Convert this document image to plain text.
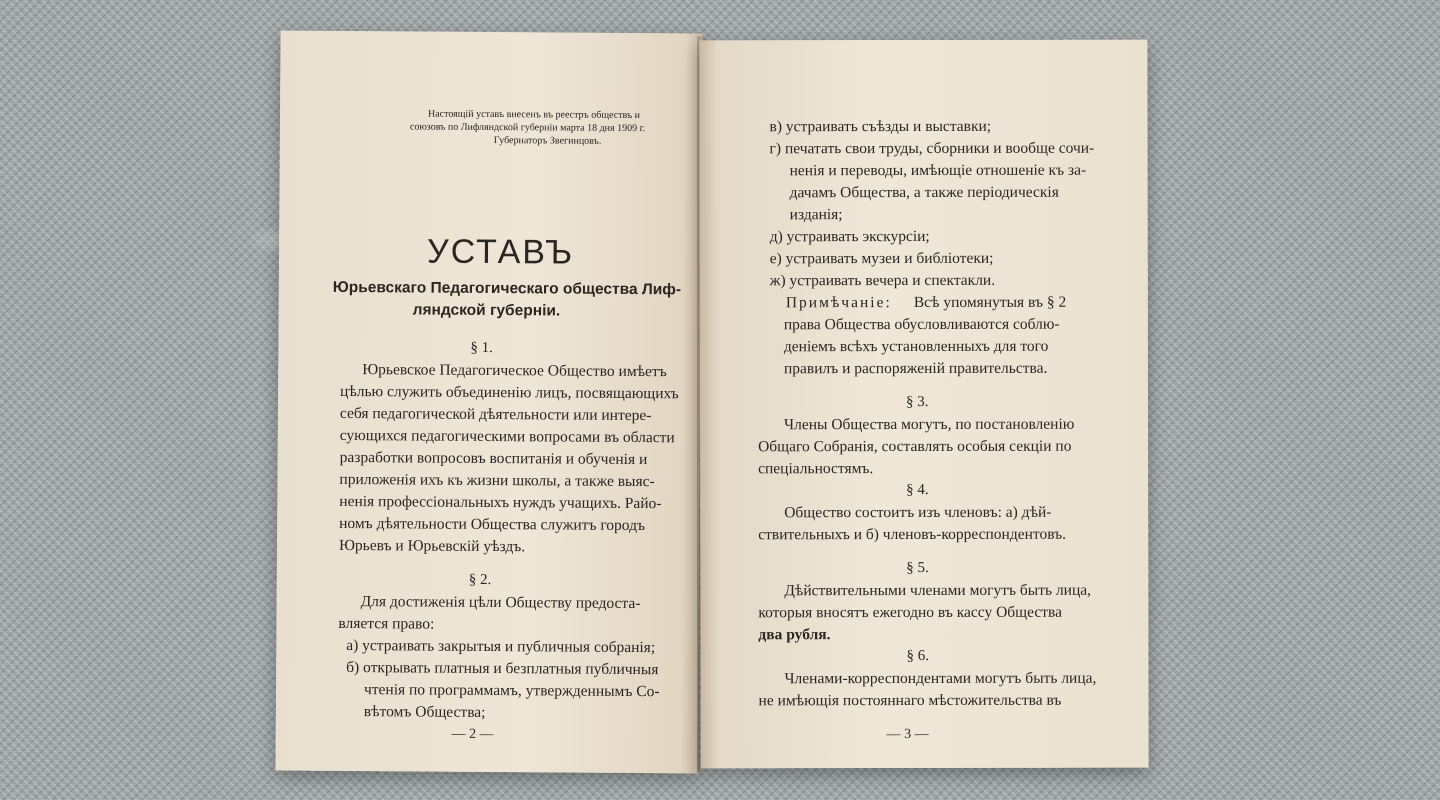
Настоящій уставъ внесенъ въ реестръ обществъ и
союзовъ по Лифляндской губерніи марта 18 дня 1909 г.
Губернаторъ Звегинцовъ.
УСТАВЪ
Юрьевскаго Педагогическаго общества Лиф-
ляндской губерніи.
§ 1.
Юрьевское Педагогическое Общество имѣетъ
цѣлью служить объединенію лицъ, посвящающихъ
себя педагогической дѣятельности или интере-
сующихся педагогическими вопросами въ области
разработки вопросовъ воспитанія и обученія и
приложенія ихъ къ жизни школы, а также выяс-
ненія профессіональныхъ нуждъ учащихъ. Райо-
номъ дѣятельности Общества служитъ городъ
Юрьевъ и Юрьевскій уѣздъ.
§ 2.
Для достиженія цѣли Обществу предоста-
вляется право:
а) устраивать закрытыя и публичныя собранія;
б) открывать платныя и безплатныя публичныя
чтенія по программамъ, утвержденнымъ Со-
вѣтомъ Общества;
— 2 —
в) устраивать съѣзды и выставки;
г) печатать свои труды, сборники и вообще сочи-
ненія и переводы, имѣющіе отношеніе къ за-
дачамъ Общества, а также періодическія
изданія;
д) устраивать экскурсіи;
е) устраивать музеи и библіотеки;
ж) устраивать вечера и спектакли.
Примѣчаніе: Всѣ упомянутыя въ § 2
права Общества обусловливаются соблю-
деніемъ всѣхъ установленныхъ для того
правилъ и распоряженій правительства.
§ 3.
Члены Общества могутъ, по постановленію
Общаго Собранія, составлять особыя секціи по
спеціальностямъ.
§ 4.
Общество состоитъ изъ членовъ: а) дѣй-
ствительныхъ и б) членовъ-корреспондентовъ.
§ 5.
Дѣйствительными членами могутъ быть лица,
которыя вносятъ ежегодно въ кассу Общества
два рубля.
§ 6.
Членами-корреспондентами могутъ быть лица,
не имѣющія постояннаго мѣстожительства въ
— 3 —
